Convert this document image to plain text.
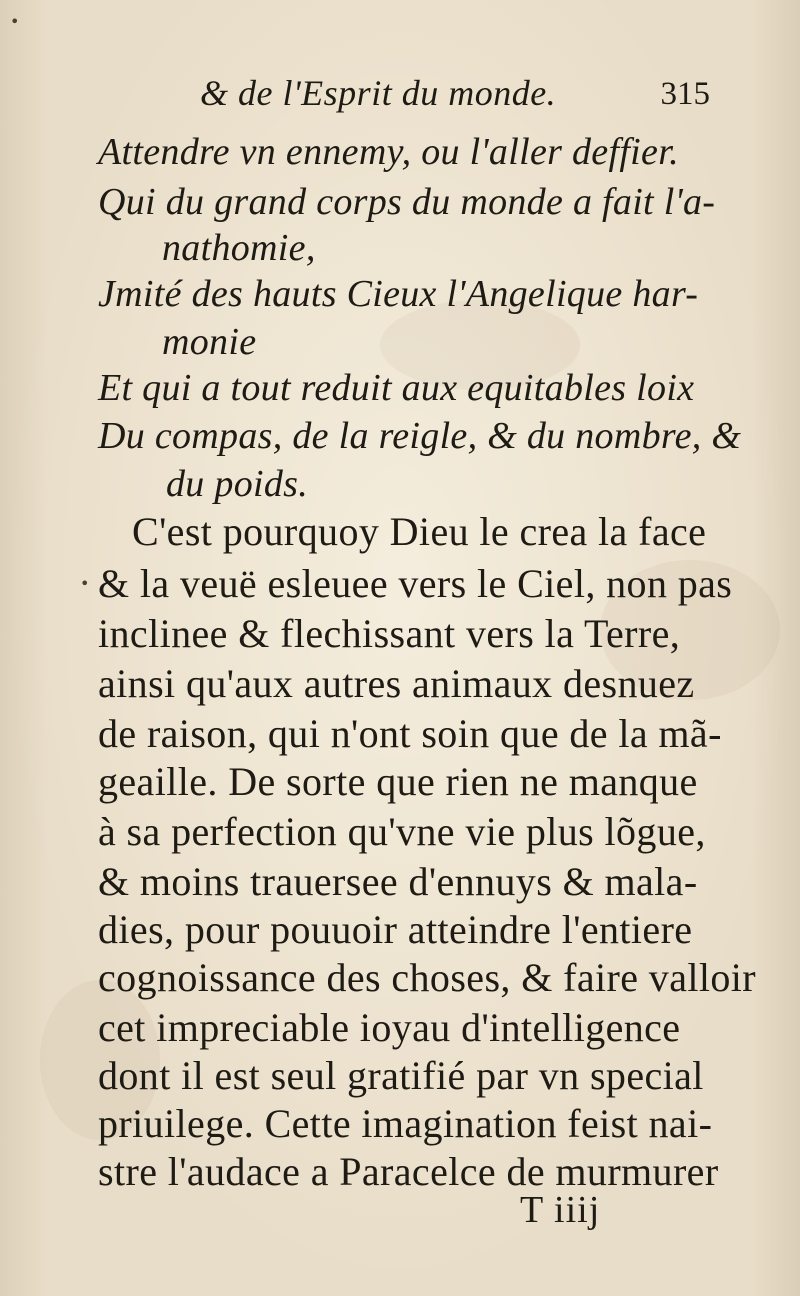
•
•
& de l'Esprit du monde.	315
Attendre vn ennemy, ou l'aller deffier.
Qui du grand corps du monde a fait l'a-
nathomie,
Jmité des hauts Cieux l'Angelique har-
monie
Et qui a tout reduit aux equitables loix
Du compas, de la reigle, & du nombre, &
du poids.
C'est pourquoy Dieu le crea la face
& la veuë esleuee vers le Ciel, non pas
inclinee & flechissant vers la Terre,
ainsi qu'aux autres animaux desnuez
de raison, qui n'ont soin que de la mã-
geaille. De sorte que rien ne manque
à sa perfection qu'vne vie plus lõgue,
& moins trauersee d'ennuys & mala-
dies, pour pouuoir atteindre l'entiere
cognoissance des choses, & faire valloir
cet impreciable ioyau d'intelligence
dont il est seul gratifié par vn special
priuilege. Cette imagination feist nai-
stre l'audace a Paracelce de murmurer
T iiij
